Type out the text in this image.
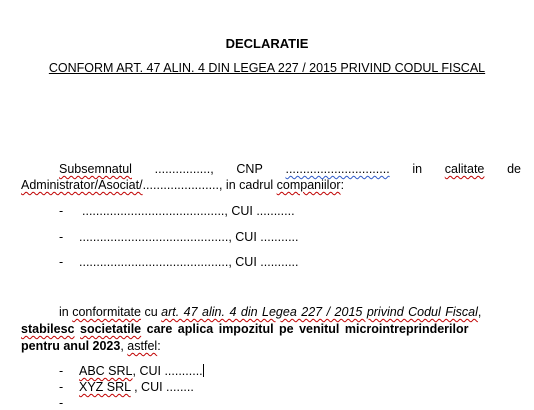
DECLARATIE
CONFORM ART. 47 ALIN. 4 DIN LEGEA 227 / 2015 PRIVIND CODUL FISCAL
Subsemnatul ................, CNP .............................. in calitate de
Administrator/Asociat/......................, in cadrul companiilor:
- ........................................., CUI ...........
- ..........................................., CUI ...........
- ..........................................., CUI ...........
in conformitate cu art. 47 alin. 4 din Legea 227 / 2015 privind Codul Fiscal,
stabilesc societatile care aplica impozitul pe venitul microintreprinderilor
pentru anul 2023, astfel:
- ABC SRL, CUI ...........
- XYZ SRL , CUI ........
-
